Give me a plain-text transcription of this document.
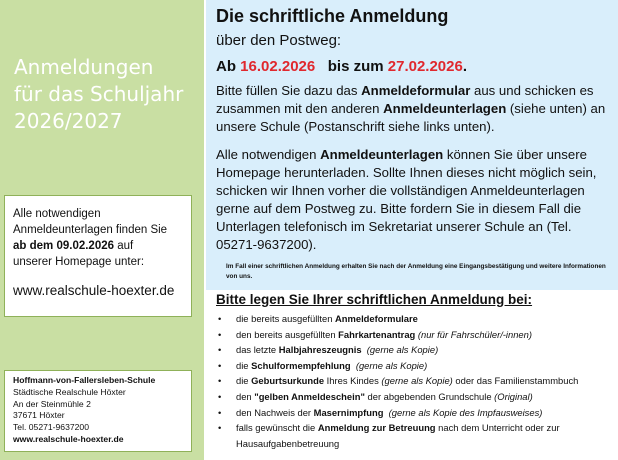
Anmeldungen
für das Schuljahr
2026/2027
Alle notwendigen
Anmeldeunterlagen finden Sie
ab dem 09.02.2026 auf
unserer Homepage unter:
www.realschule-hoexter.de
Hoffmann-von-Fallersleben-Schule
Städtische Realschule Höxter
An der Steinmühle 2
37671 Höxter
Tel. 05271-9637200
www.realschule-hoexter.de
Die schriftliche Anmeldung
über den Postweg:
Ab 16.02.2026   bis zum 27.02.2026.
Bitte füllen Sie dazu das Anmeldeformular aus und schicken es zusammen mit den anderen Anmeldeunterlagen (siehe unten) an unsere Schule (Postanschrift siehe links unten).
Alle notwendigen Anmeldeunterlagen können Sie über unsere Homepage herunterladen. Sollte Ihnen dieses nicht möglich sein, schicken wir Ihnen vorher die vollständigen Anmeldeunterlagen gerne auf dem Postweg zu. Bitte fordern Sie in diesem Fall die Unterlagen telefonisch im Sekretariat unserer Schule an (Tel. 05271-9637200).
Im Fall einer schriftlichen Anmeldung erhalten Sie nach der Anmeldung eine Eingangsbestätigung und weitere Informationen von uns.
Bitte legen Sie Ihrer schriftlichen Anmeldung bei:
• die bereits ausgefüllten Anmeldeformulare
• den bereits ausgefüllten Fahrkartenantrag (nur für Fahrschüler/-innen)
• das letzte Halbjahreszeugnis (gerne als Kopie)
• die Schulformempfehlung (gerne als Kopie)
• die Geburtsurkunde Ihres Kindes (gerne als Kopie) oder das Familienstammbuch
• den "gelben Anmeldeschein" der abgebenden Grundschule (Original)
• den Nachweis der Masernimpfung (gerne als Kopie des Impfausweises)
• falls gewünscht die Anmeldung zur Betreuung nach dem Unterricht oder zur Hausaufgabenbetreuung
